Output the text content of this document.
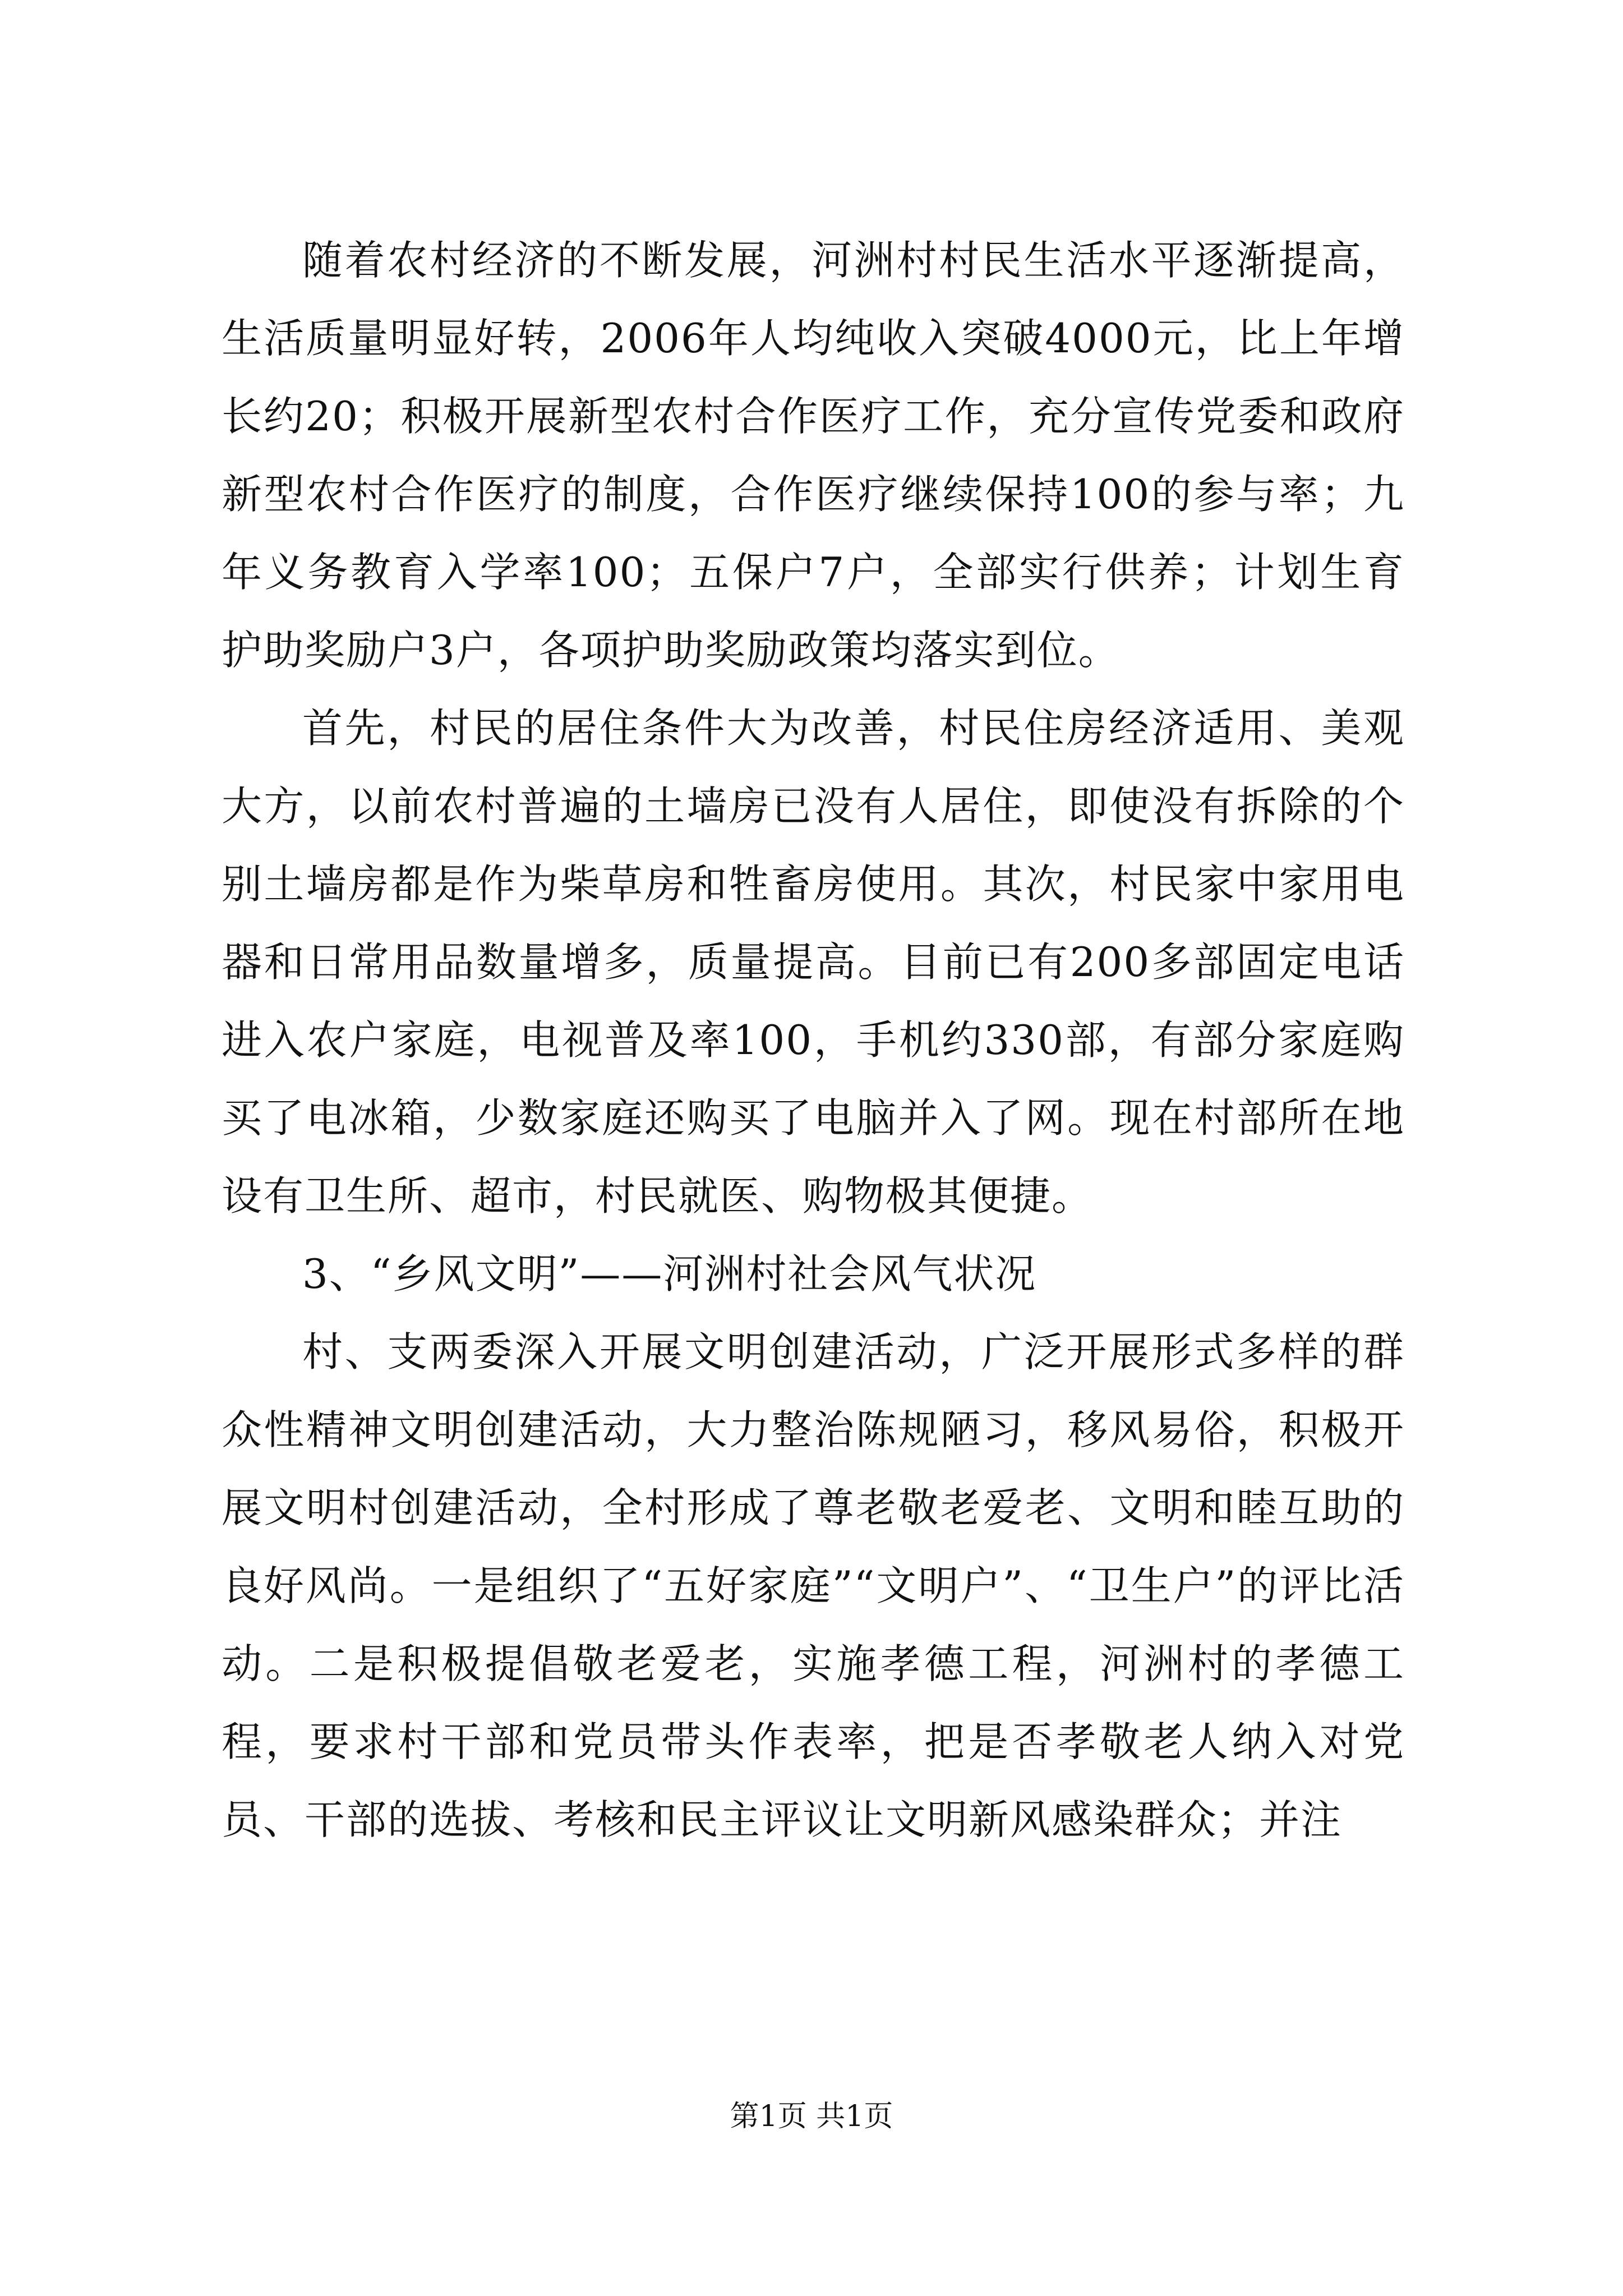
随着农村经济的不断发展，河洲村村民生活水平逐渐提高，生活质量明显好转，2006年人均纯收入突破4000元，比上年增长约20；积极开展新型农村合作医疗工作，充分宣传党委和政府新型农村合作医疗的制度，合作医疗继续保持100的参与率；九年义务教育入学率100；五保户7户，全部实行供养；计划生育护助奖励户3户，各项护助奖励政策均落实到位。

首先，村民的居住条件大为改善，村民住房经济适用、美观大方，以前农村普遍的土墙房已没有人居住，即使没有拆除的个别土墙房都是作为柴草房和牲畜房使用。其次，村民家中家用电器和日常用品数量增多，质量提高。目前已有200多部固定电话进入农户家庭，电视普及率100，手机约330部，有部分家庭购买了电冰箱，少数家庭还购买了电脑并入了网。现在村部所在地设有卫生所、超市，村民就医、购物极其便捷。

3、“乡风文明”——河洲村社会风气状况

村、支两委深入开展文明创建活动，广泛开展形式多样的群众性精神文明创建活动，大力整治陈规陋习，移风易俗，积极开展文明村创建活动，全村形成了尊老敬老爱老、文明和睦互助的良好风尚。一是组织了“五好家庭”“文明户”、“卫生户”的评比活动。二是积极提倡敬老爱老，实施孝德工程，河洲村的孝德工程，要求村干部和党员带头作表率，把是否孝敬老人纳入对党员、干部的选拔、考核和民主评议让文明新风感染群众；并注

第1页 共1页
